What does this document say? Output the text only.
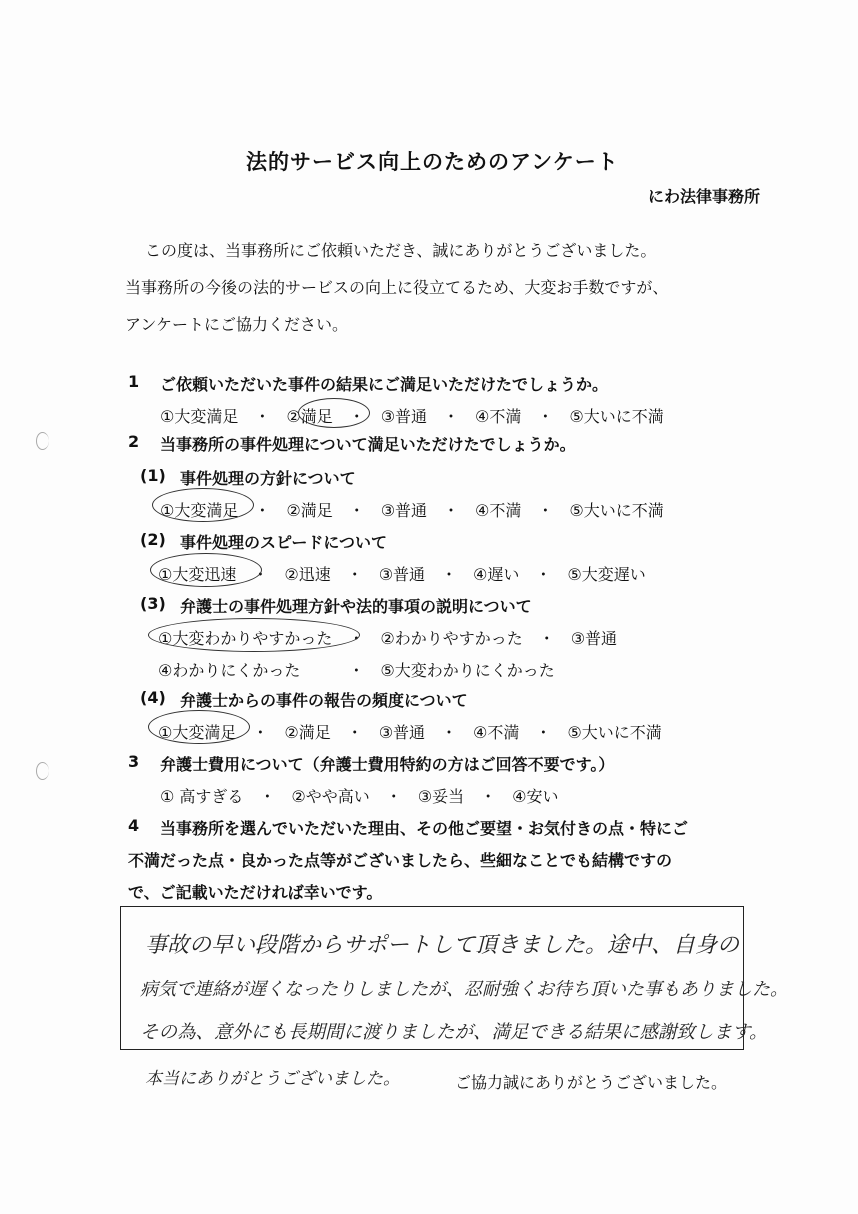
法的サービス向上のためのアンケート
にわ法律事務所
この度は、当事務所にご依頼いただき、誠にありがとうございました。
当事務所の今後の法的サービスの向上に役立てるため、大変お手数ですが、
アンケートにご協力ください。
1 ご依頼いただいた事件の結果にご満足いただけたでしょうか。
①大変満足　・　②満足　・　③普通　・　④不満　・　⑤大いに不満
2 当事務所の事件処理について満足いただけたでしょうか。
(1) 事件処理の方針について
①大変満足　・　②満足　・　③普通　・　④不満　・　⑤大いに不満
(2) 事件処理のスピードについて
①大変迅速　・　②迅速　・　③普通　・　④遅い　・　⑤大変遅い
(3) 弁護士の事件処理方針や法的事項の説明について
①大変わかりやすかった　・　②わかりやすかった　・　③普通
④わかりにくかった　　　・　⑤大変わかりにくかった
(4) 弁護士からの事件の報告の頻度について
①大変満足　・　②満足　・　③普通　・　④不満　・　⑤大いに不満
3 弁護士費用について（弁護士費用特約の方はご回答不要です。）
① 高すぎる　・　②やや高い　・　③妥当　・　④安い
4 当事務所を選んでいただいた理由、その他ご要望・お気付きの点・特にご
不満だった点・良かった点等がございましたら、些細なことでも結構ですの
で、ご記載いただければ幸いです。
事故の早い段階からサポートして頂きました。途中、自身の
病気で連絡が遅くなったりしましたが、忍耐強くお待ち頂いた事もありました。
その為、意外にも長期間に渡りましたが、満足できる結果に感謝致します。
本当にありがとうございました。	ご協力誠にありがとうございました。
